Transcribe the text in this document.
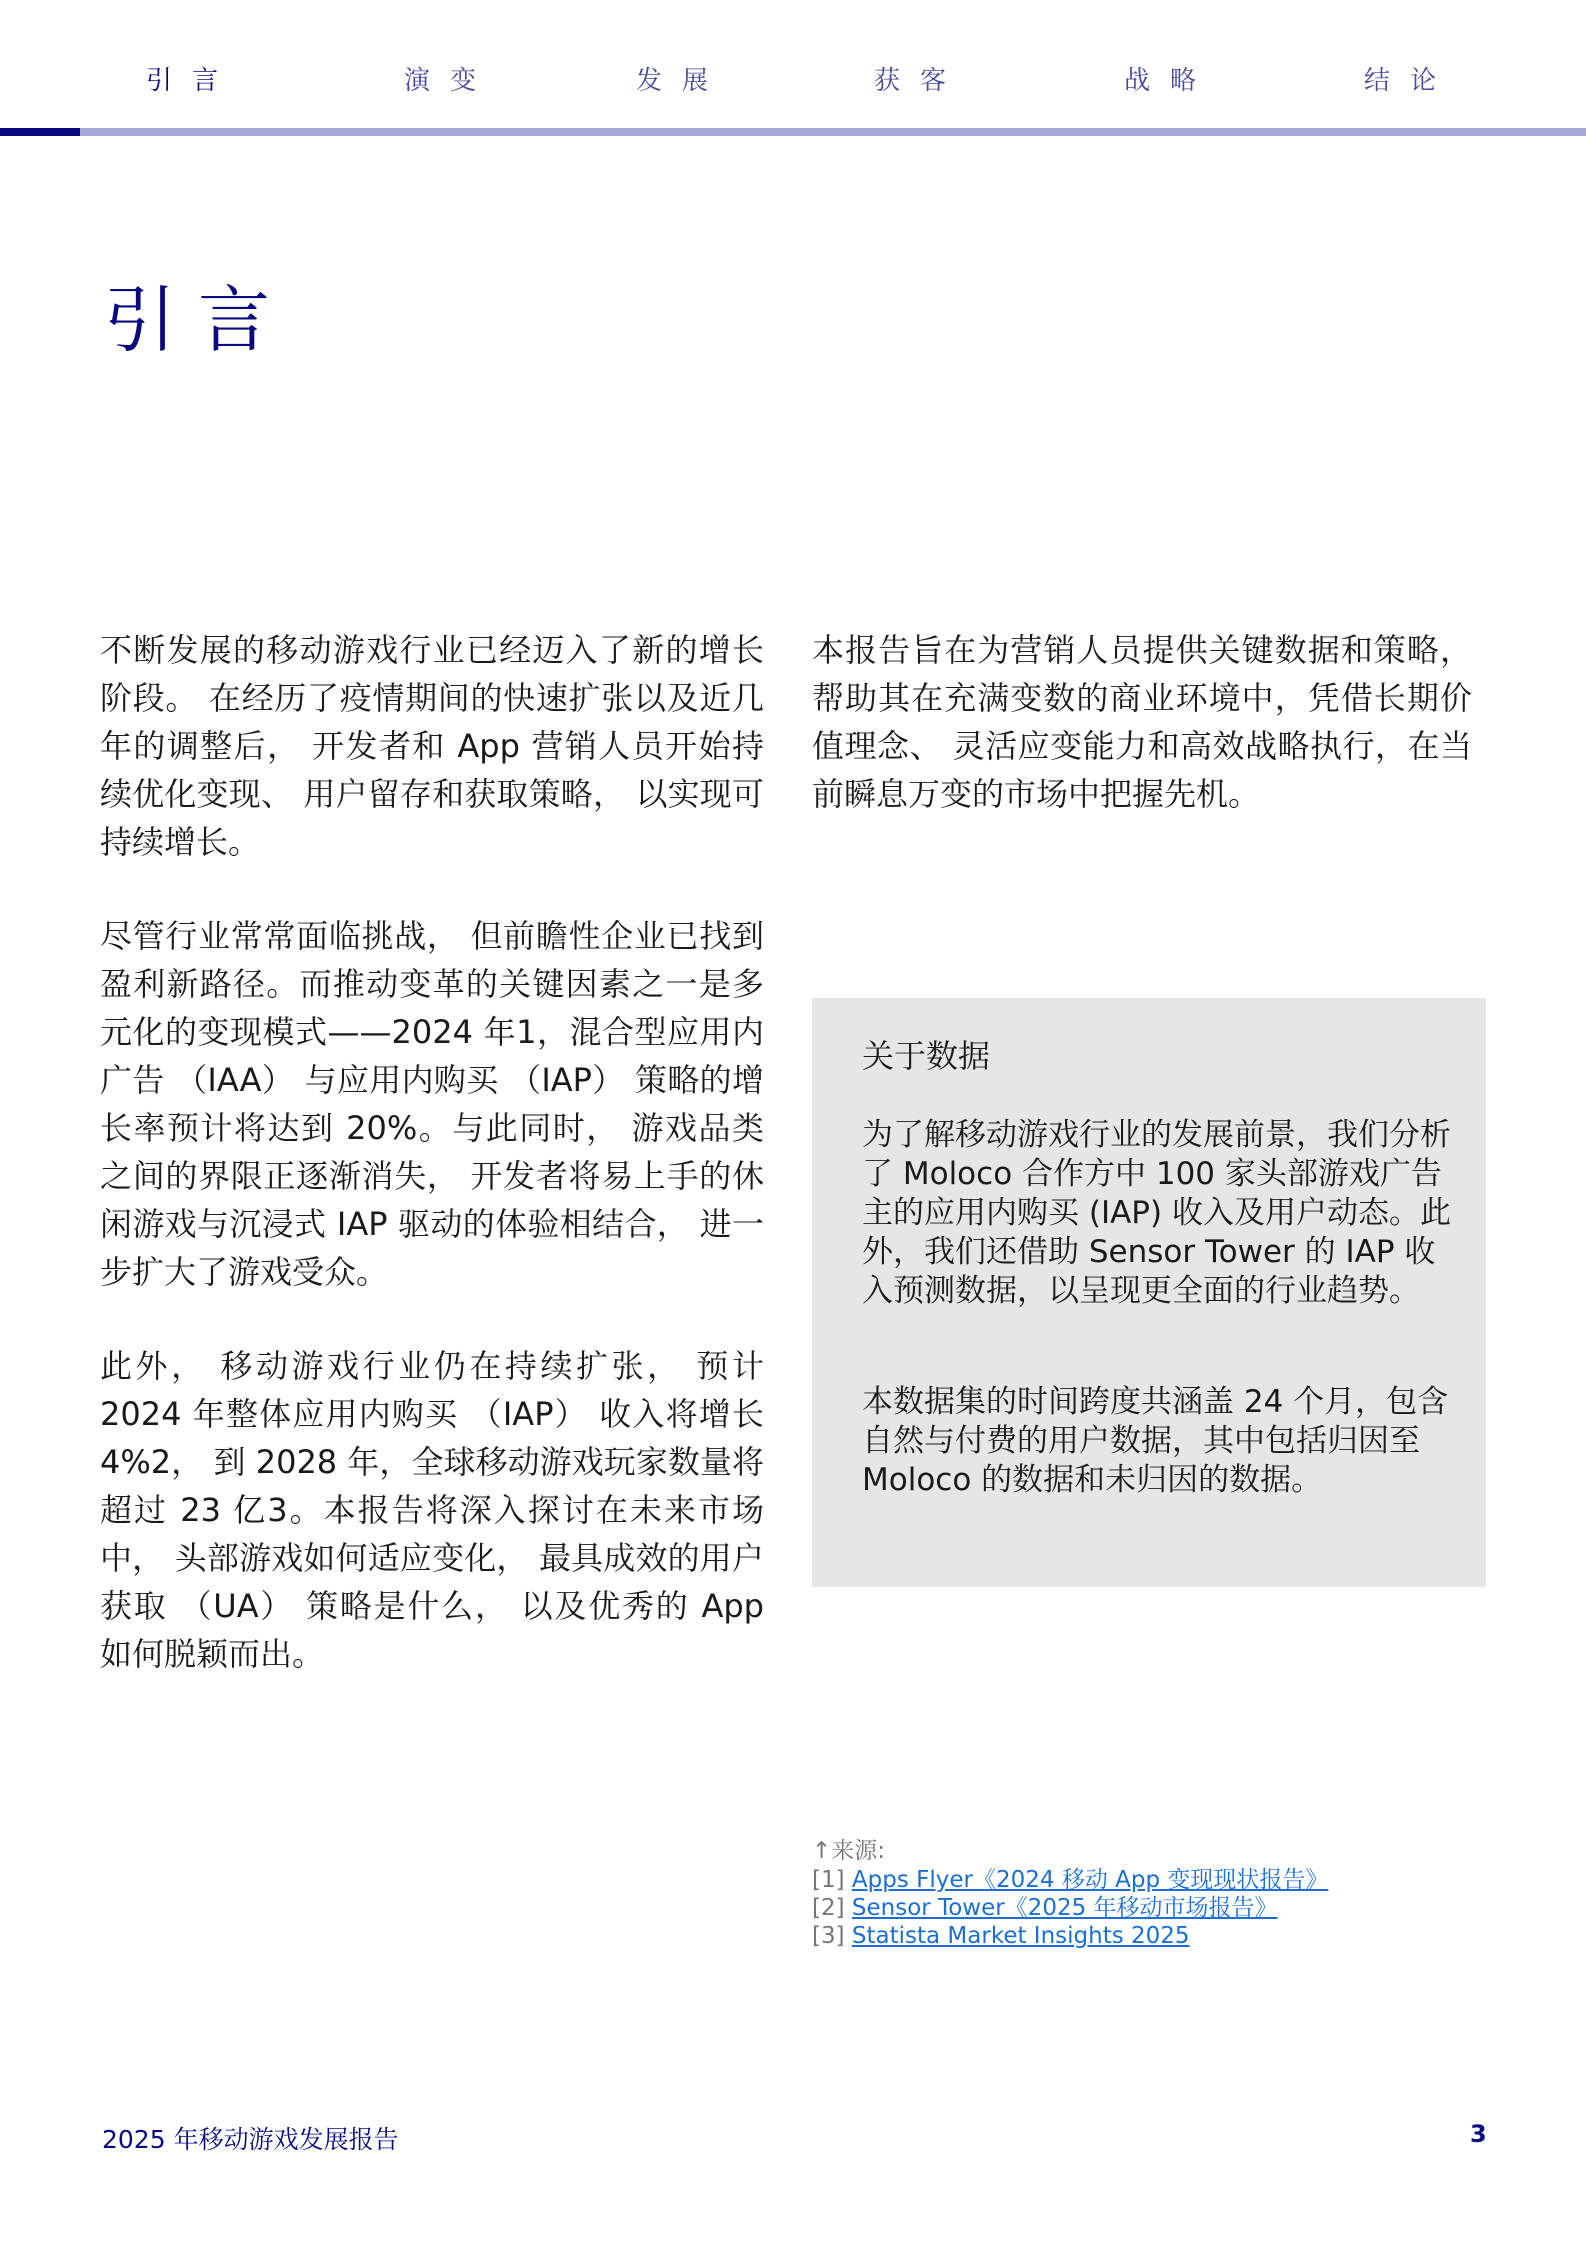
引言	演变	发展	获客	战略	结论
引言

不断发展的移动游戏行业已经迈入了新的增长阶段。 在经历了疫情期间的快速扩张以及近几年的调整后， 开发者和 App 营销人员开始持续优化变现、 用户留存和获取策略， 以实现可持续增长。

尽管行业常常面临挑战， 但前瞻性企业已找到盈利新路径。而推动变革的关键因素之一是多元化的变现模式——2024 年1，混合型应用内广告 （IAA） 与应用内购买 （IAP） 策略的增长率预计将达到 20%。与此同时， 游戏品类之间的界限正逐渐消失， 开发者将易上手的休闲游戏与沉浸式 IAP 驱动的体验相结合， 进一步扩大了游戏受众。

此外， 移动游戏行业仍在持续扩张， 预计 2024 年整体应用内购买 （IAP） 收入将增长 4%2， 到 2028 年，全球移动游戏玩家数量将超过 23 亿3。本报告将深入探讨在未来市场中， 头部游戏如何适应变化， 最具成效的用户获取 （UA） 策略是什么， 以及优秀的 App 如何脱颖而出。

本报告旨在为营销人员提供关键数据和策略，帮助其在充满变数的商业环境中，凭借长期价值理念、 灵活应变能力和高效战略执行，在当前瞬息万变的市场中把握先机。

关于数据

为了解移动游戏行业的发展前景，我们分析了 Moloco 合作方中 100 家头部游戏广告主的应用内购买 (IAP) 收入及用户动态。此外，我们还借助 Sensor Tower 的 IAP 收入预测数据，以呈现更全面的行业趋势。

本数据集的时间跨度共涵盖 24 个月，包含自然与付费的用户数据，其中包括归因至 Moloco 的数据和未归因的数据。

↑来源:
[1] Apps Flyer《2024 移动 App 变现现状报告》
[2] Sensor Tower《2025 年移动市场报告》
[3] Statista Market Insights 2025
2025 年移动游戏发展报告	3
